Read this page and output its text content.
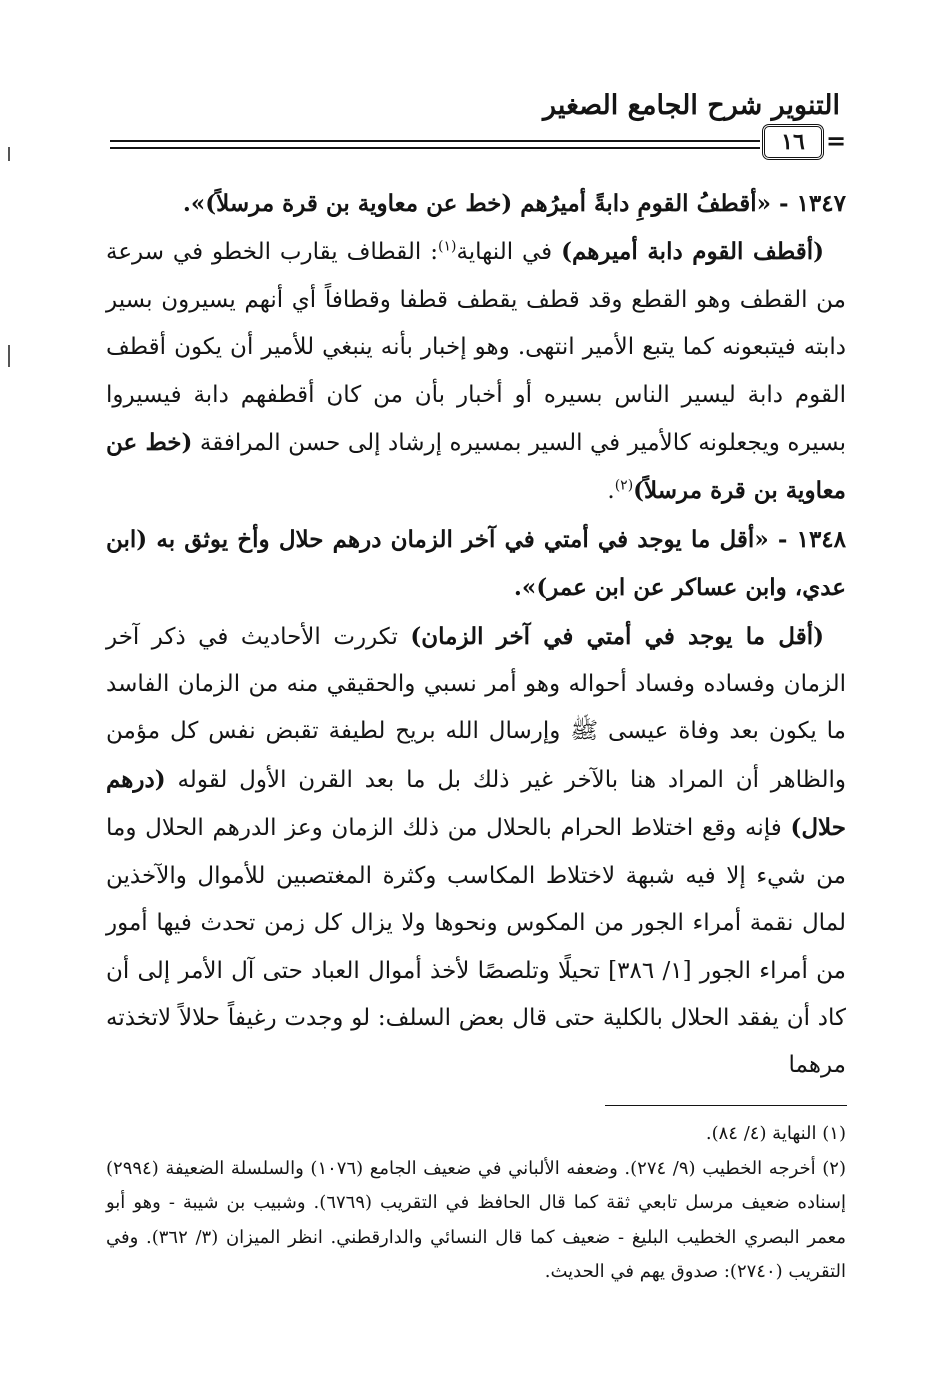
التنوير شرح الجامع الصغير
١٦ =

١٣٤٧ - «أقطفُ القومِ دابةً أميرُهم (خط عن معاوية بن قرة مرسلاً)».

(أقطف القوم دابة أميرهم) في النهاية$^{(١)}$: القطاف يقارب الخطو في سرعة من القطف وهو القطع وقد قطف يقطف قطفا وقطافاً أي أنهم يسيرون بسير دابته فيتبعونه كما يتبع الأمير انتهى. وهو إخبار بأنه ينبغي للأمير أن يكون أقطف القوم دابة ليسير الناس بسيره أو أخبار بأن من كان أقطفهم دابة فيسيروا بسيره ويجعلونه كالأمير في السير بمسيره إرشاد إلى حسن المرافقة (خط عن معاوية بن قرة مرسلاً)$^{(٢)}$.

١٣٤٨ - «أقل ما يوجد في أمتي في آخر الزمان درهم حلال وأخ يوثق به (ابن عدي، وابن عساكر عن ابن عمر)».

(أقل ما يوجد في أمتي في آخر الزمان) تكررت الأحاديث في ذكر آخر الزمان وفساده وفساد أحواله وهو أمر نسبي والحقيقي منه من الزمان الفاسد ما يكون بعد وفاة عيسى ﷺ وإرسال الله بريح لطيفة تقبض نفس كل مؤمن والظاهر أن المراد هنا بالآخر غير ذلك بل ما بعد القرن الأول لقوله (درهم حلال) فإنه وقع اختلاط الحرام بالحلال من ذلك الزمان وعز الدرهم الحلال وما من شيء إلا فيه شبهة لاختلاط المكاسب وكثرة المغتصبين للأموال والآخذين لمال نقمة أمراء الجور من المكوس ونحوها ولا يزال كل زمن تحدث فيها أمور من أمراء الجور [١/ ٣٨٦] تحيلًا وتلصصًا لأخذ أموال العباد حتى آل الأمر إلى أن كاد أن يفقد الحلال بالكلية حتى قال بعض السلف: لو وجدت رغيفاً حلالاً لاتخذته مرهما

(١) النهاية (٤/ ٨٤).

(٢) أخرجه الخطيب (٩/ ٢٧٤). وضعفه الألباني في ضعيف الجامع (١٠٧٦) والسلسلة الضعيفة (٢٩٩٤) إسناده ضعيف مرسل تابعي ثقة كما قال الحافظ في التقريب (٦٧٦٩). وشبيب بن شيبة - وهو أبو معمر البصري الخطيب البليغ - ضعيف كما قال النسائي والدارقطني. انظر الميزان (٣/ ٣٦٢). وفي التقريب (٢٧٤٠): صدوق يهم في الحديث.
